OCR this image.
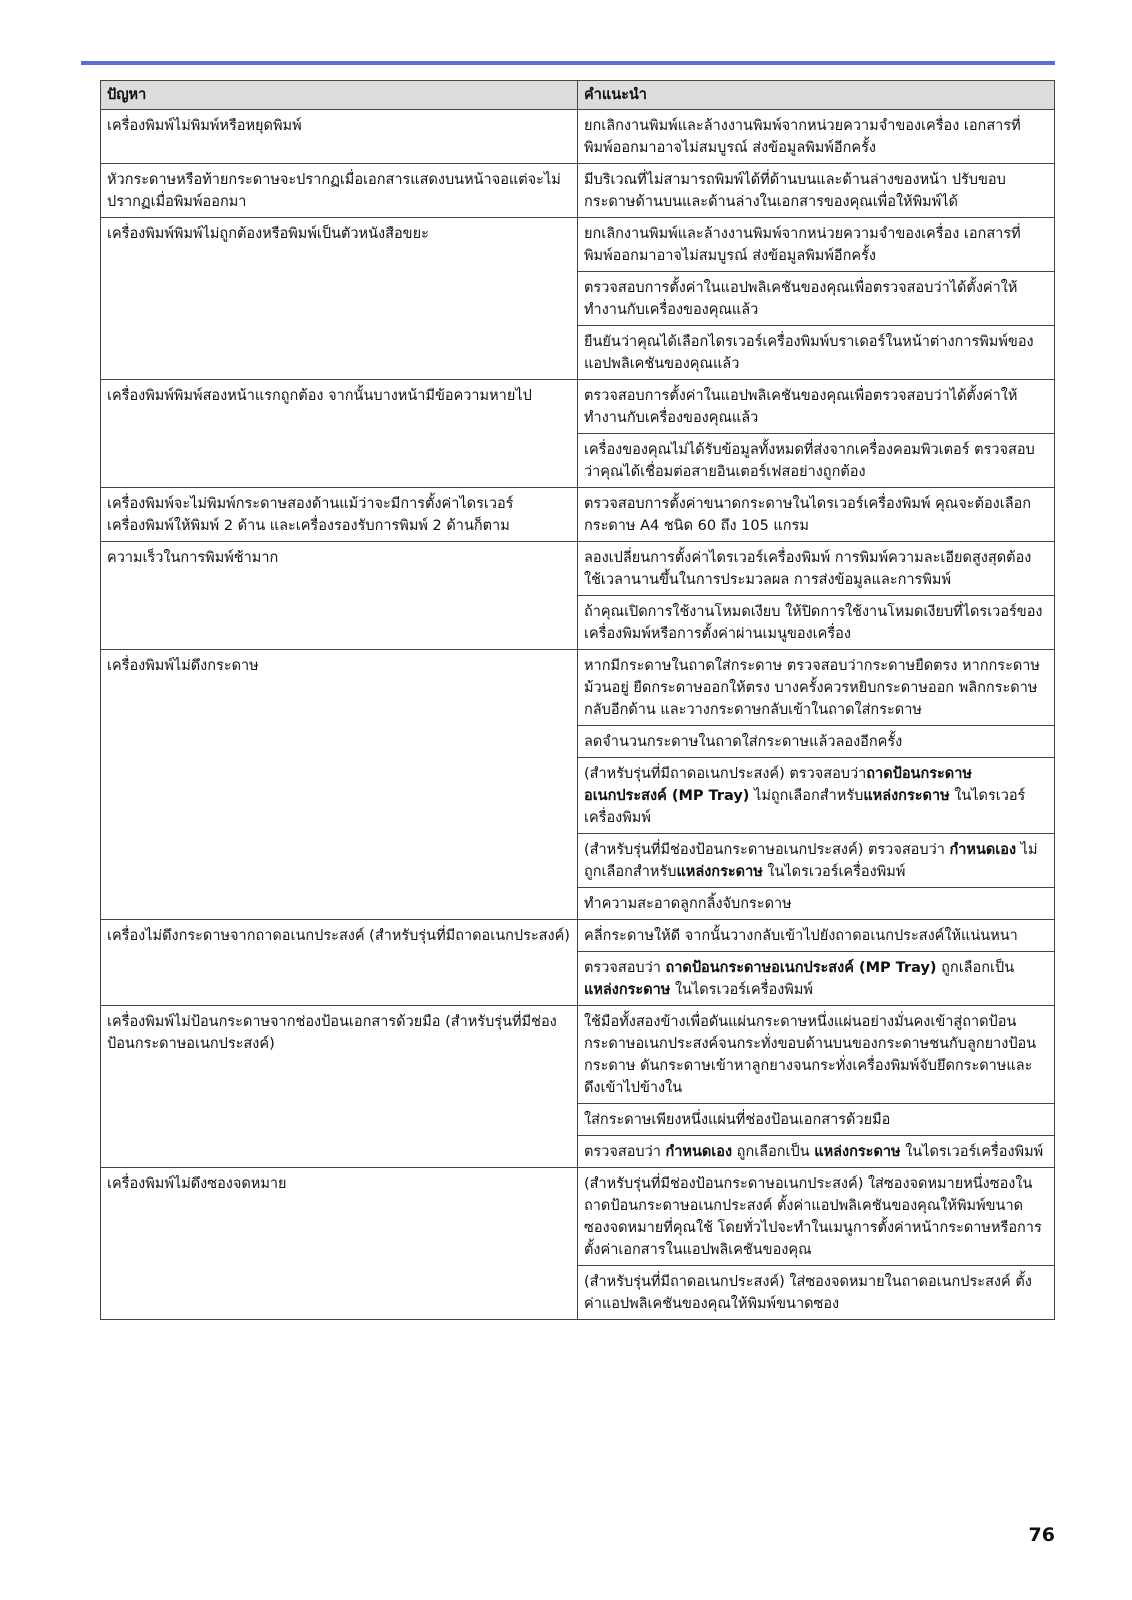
ปัญหา	คำแนะนำ
เครื่องพิมพ์ไม่พิมพ์หรือหยุดพิมพ์	ยกเลิกงานพิมพ์และล้างงานพิมพ์จากหน่วยความจำของเครื่อง เอกสารที่พิมพ์ออกมาอาจไม่สมบูรณ์ ส่งข้อมูลพิมพ์อีกครั้ง
หัวกระดาษหรือท้ายกระดาษจะปรากฏเมื่อเอกสารแสดงบนหน้าจอแต่จะไม่ปรากฏเมื่อพิมพ์ออกมา	มีบริเวณที่ไม่สามารถพิมพ์ได้ที่ด้านบนและด้านล่างของหน้า ปรับขอบกระดาษด้านบนและด้านล่างในเอกสารของคุณเพื่อให้พิมพ์ได้
เครื่องพิมพ์พิมพ์ไม่ถูกต้องหรือพิมพ์เป็นตัวหนังสือขยะ	ยกเลิกงานพิมพ์และล้างงานพิมพ์จากหน่วยความจำของเครื่อง เอกสารที่พิมพ์ออกมาอาจไม่สมบูรณ์ ส่งข้อมูลพิมพ์อีกครั้ง
	ตรวจสอบการตั้งค่าในแอปพลิเคชันของคุณเพื่อตรวจสอบว่าได้ตั้งค่าให้ทำงานกับเครื่องของคุณแล้ว
	ยืนยันว่าคุณได้เลือกไดรเวอร์เครื่องพิมพ์บราเดอร์ในหน้าต่างการพิมพ์ของแอปพลิเคชันของคุณแล้ว
เครื่องพิมพ์พิมพ์สองหน้าแรกถูกต้อง จากนั้นบางหน้ามีข้อความหายไป	ตรวจสอบการตั้งค่าในแอปพลิเคชันของคุณเพื่อตรวจสอบว่าได้ตั้งค่าให้ทำงานกับเครื่องของคุณแล้ว
	เครื่องของคุณไม่ได้รับข้อมูลทั้งหมดที่ส่งจากเครื่องคอมพิวเตอร์ ตรวจสอบว่าคุณได้เชื่อมต่อสายอินเตอร์เฟสอย่างถูกต้อง
เครื่องพิมพ์จะไม่พิมพ์กระดาษสองด้านแม้ว่าจะมีการตั้งค่าไดรเวอร์เครื่องพิมพ์ให้พิมพ์ 2 ด้าน และเครื่องรองรับการพิมพ์ 2 ด้านก็ตาม	ตรวจสอบการตั้งค่าขนาดกระดาษในไดรเวอร์เครื่องพิมพ์ คุณจะต้องเลือกกระดาษ A4 ชนิด 60 ถึง 105 แกรม
ความเร็วในการพิมพ์ช้ามาก	ลองเปลี่ยนการตั้งค่าไดรเวอร์เครื่องพิมพ์ การพิมพ์ความละเอียดสูงสุดต้องใช้เวลานานขึ้นในการประมวลผล การส่งข้อมูลและการพิมพ์
	ถ้าคุณเปิดการใช้งานโหมดเงียบ ให้ปิดการใช้งานโหมดเงียบที่ไดรเวอร์ของเครื่องพิมพ์หรือการตั้งค่าผ่านเมนูของเครื่อง
เครื่องพิมพ์ไม่ดึงกระดาษ	หากมีกระดาษในถาดใส่กระดาษ ตรวจสอบว่ากระดาษยืดตรง หากกระดาษม้วนอยู่ ยืดกระดาษออกให้ตรง บางครั้งควรหยิบกระดาษออก พลิกกระดาษกลับอีกด้าน และวางกระดาษกลับเข้าในถาดใส่กระดาษ
	ลดจำนวนกระดาษในถาดใส่กระดาษแล้วลองอีกครั้ง
	(สำหรับรุ่นที่มีถาดอเนกประสงค์) ตรวจสอบว่าถาดป้อนกระดาษอเนกประสงค์ (MP Tray) ไม่ถูกเลือกสำหรับแหล่งกระดาษ ในไดรเวอร์เครื่องพิมพ์
	(สำหรับรุ่นที่มีช่องป้อนกระดาษอเนกประสงค์) ตรวจสอบว่า กำหนดเอง ไม่ถูกเลือกสำหรับแหล่งกระดาษ ในไดรเวอร์เครื่องพิมพ์
	ทำความสะอาดลูกกลิ้งจับกระดาษ
เครื่องไม่ดึงกระดาษจากถาดอเนกประสงค์ (สำหรับรุ่นที่มีถาดอเนกประสงค์)	คลี่กระดาษให้ดี จากนั้นวางกลับเข้าไปยังถาดอเนกประสงค์ให้แน่นหนา
	ตรวจสอบว่า ถาดป้อนกระดาษอเนกประสงค์ (MP Tray) ถูกเลือกเป็น แหล่งกระดาษ ในไดรเวอร์เครื่องพิมพ์
เครื่องพิมพ์ไม่ป้อนกระดาษจากช่องป้อนเอกสารด้วยมือ (สำหรับรุ่นที่มีช่องป้อนกระดาษอเนกประสงค์)	ใช้มือทั้งสองข้างเพื่อดันแผ่นกระดาษหนึ่งแผ่นอย่างมั่นคงเข้าสู่ถาดป้อนกระดาษอเนกประสงค์จนกระทั่งขอบด้านบนของกระดาษชนกับลูกยางป้อนกระดาษ ดันกระดาษเข้าหาลูกยางจนกระทั่งเครื่องพิมพ์จับยึดกระดาษและดึงเข้าไปข้างใน
	ใส่กระดาษเพียงหนึ่งแผ่นที่ช่องป้อนเอกสารด้วยมือ
	ตรวจสอบว่า กำหนดเอง ถูกเลือกเป็น แหล่งกระดาษ ในไดรเวอร์เครื่องพิมพ์
เครื่องพิมพ์ไม่ดึงซองจดหมาย	(สำหรับรุ่นที่มีช่องป้อนกระดาษอเนกประสงค์) ใส่ซองจดหมายหนึ่งซองในถาดป้อนกระดาษอเนกประสงค์ ตั้งค่าแอปพลิเคชันของคุณให้พิมพ์ขนาดซองจดหมายที่คุณใช้ โดยทั่วไปจะทำในเมนูการตั้งค่าหน้ากระดาษหรือการตั้งค่าเอกสารในแอปพลิเคชันของคุณ
	(สำหรับรุ่นที่มีถาดอเนกประสงค์) ใส่ซองจดหมายในถาดอเนกประสงค์ ตั้งค่าแอปพลิเคชันของคุณให้พิมพ์ขนาดซอง
76
